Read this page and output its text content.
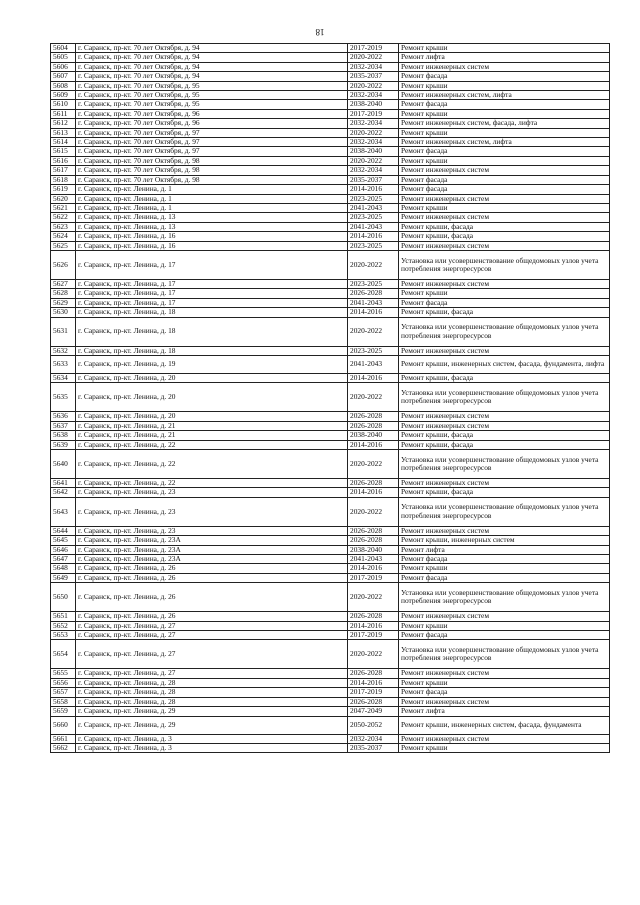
18
5604	г. Саранск, пр-кт. 70 лет Октября, д. 94	2017-2019	Ремонт крыши
5605	г. Саранск, пр-кт. 70 лет Октября, д. 94	2020-2022	Ремонт лифта
5606	г. Саранск, пр-кт. 70 лет Октября, д. 94	2032-2034	Ремонт инженерных систем
5607	г. Саранск, пр-кт. 70 лет Октября, д. 94	2035-2037	Ремонт фасада
5608	г. Саранск, пр-кт. 70 лет Октября, д. 95	2020-2022	Ремонт крыши
5609	г. Саранск, пр-кт. 70 лет Октября, д. 95	2032-2034	Ремонт инженерных систем, лифта
5610	г. Саранск, пр-кт. 70 лет Октября, д. 95	2038-2040	Ремонт фасада
5611	г. Саранск, пр-кт. 70 лет Октября, д. 96	2017-2019	Ремонт крыши
5612	г. Саранск, пр-кт. 70 лет Октября, д. 96	2032-2034	Ремонт инженерных систем, фасада, лифта
5613	г. Саранск, пр-кт. 70 лет Октября, д. 97	2020-2022	Ремонт крыши
5614	г. Саранск, пр-кт. 70 лет Октября, д. 97	2032-2034	Ремонт инженерных систем, лифта
5615	г. Саранск, пр-кт. 70 лет Октября, д. 97	2038-2040	Ремонт фасада
5616	г. Саранск, пр-кт. 70 лет Октября, д. 98	2020-2022	Ремонт крыши
5617	г. Саранск, пр-кт. 70 лет Октября, д. 98	2032-2034	Ремонт инженерных систем
5618	г. Саранск, пр-кт. 70 лет Октября, д. 98	2035-2037	Ремонт фасада
5619	г. Саранск, пр-кт. Ленина, д. 1	2014-2016	Ремонт фасада
5620	г. Саранск, пр-кт. Ленина, д. 1	2023-2025	Ремонт инженерных систем
5621	г. Саранск, пр-кт. Ленина, д. 1	2041-2043	Ремонт крыши
5622	г. Саранск, пр-кт. Ленина, д. 13	2023-2025	Ремонт инженерных систем
5623	г. Саранск, пр-кт. Ленина, д. 13	2041-2043	Ремонт крыши, фасада
5624	г. Саранск, пр-кт. Ленина, д. 16	2014-2016	Ремонт крыши, фасада
5625	г. Саранск, пр-кт. Ленина, д. 16	2023-2025	Ремонт инженерных систем
5626	г. Саранск, пр-кт. Ленина, д. 17	2020-2022	Установка или усовершенствование общедомовых узлов учета потребления энергоресурсов
5627	г. Саранск, пр-кт. Ленина, д. 17	2023-2025	Ремонт инженерных систем
5628	г. Саранск, пр-кт. Ленина, д. 17	2026-2028	Ремонт крыши
5629	г. Саранск, пр-кт. Ленина, д. 17	2041-2043	Ремонт фасада
5630	г. Саранск, пр-кт. Ленина, д. 18	2014-2016	Ремонт крыши, фасада
5631	г. Саранск, пр-кт. Ленина, д. 18	2020-2022	Установка или усовершенствование общедомовых узлов учета потребления энергоресурсов
5632	г. Саранск, пр-кт. Ленина, д. 18	2023-2025	Ремонт инженерных систем
5633	г. Саранск, пр-кт. Ленина, д. 19	2041-2043	Ремонт крыши, инженерных систем, фасада, фундамента, лифта
5634	г. Саранск, пр-кт. Ленина, д. 20	2014-2016	Ремонт крыши, фасада
5635	г. Саранск, пр-кт. Ленина, д. 20	2020-2022	Установка или усовершенствование общедомовых узлов учета потребления энергоресурсов
5636	г. Саранск, пр-кт. Ленина, д. 20	2026-2028	Ремонт инженерных систем
5637	г. Саранск, пр-кт. Ленина, д. 21	2026-2028	Ремонт инженерных систем
5638	г. Саранск, пр-кт. Ленина, д. 21	2038-2040	Ремонт крыши, фасада
5639	г. Саранск, пр-кт. Ленина, д. 22	2014-2016	Ремонт крыши, фасада
5640	г. Саранск, пр-кт. Ленина, д. 22	2020-2022	Установка или усовершенствование общедомовых узлов учета потребления энергоресурсов
5641	г. Саранск, пр-кт. Ленина, д. 22	2026-2028	Ремонт инженерных систем
5642	г. Саранск, пр-кт. Ленина, д. 23	2014-2016	Ремонт крыши, фасада
5643	г. Саранск, пр-кт. Ленина, д. 23	2020-2022	Установка или усовершенствование общедомовых узлов учета потребления энергоресурсов
5644	г. Саранск, пр-кт. Ленина, д. 23	2026-2028	Ремонт инженерных систем
5645	г. Саранск, пр-кт. Ленина, д. 23А	2026-2028	Ремонт крыши, инженерных систем
5646	г. Саранск, пр-кт. Ленина, д. 23А	2038-2040	Ремонт лифта
5647	г. Саранск, пр-кт. Ленина, д. 23А	2041-2043	Ремонт фасада
5648	г. Саранск, пр-кт. Ленина, д. 26	2014-2016	Ремонт крыши
5649	г. Саранск, пр-кт. Ленина, д. 26	2017-2019	Ремонт фасада
5650	г. Саранск, пр-кт. Ленина, д. 26	2020-2022	Установка или усовершенствование общедомовых узлов учета потребления энергоресурсов
5651	г. Саранск, пр-кт. Ленина, д. 26	2026-2028	Ремонт инженерных систем
5652	г. Саранск, пр-кт. Ленина, д. 27	2014-2016	Ремонт крыши
5653	г. Саранск, пр-кт. Ленина, д. 27	2017-2019	Ремонт фасада
5654	г. Саранск, пр-кт. Ленина, д. 27	2020-2022	Установка или усовершенствование общедомовых узлов учета потребления энергоресурсов
5655	г. Саранск, пр-кт. Ленина, д. 27	2026-2028	Ремонт инженерных систем
5656	г. Саранск, пр-кт. Ленина, д. 28	2014-2016	Ремонт крыши
5657	г. Саранск, пр-кт. Ленина, д. 28	2017-2019	Ремонт фасада
5658	г. Саранск, пр-кт. Ленина, д. 28	2026-2028	Ремонт инженерных систем
5659	г. Саранск, пр-кт. Ленина, д. 29	2047-2049	Ремонт лифта
5660	г. Саранск, пр-кт. Ленина, д. 29	2050-2052	Ремонт крыши, инженерных систем, фасада, фундамента
5661	г. Саранск, пр-кт. Ленина, д. 3	2032-2034	Ремонт инженерных систем
5662	г. Саранск, пр-кт. Ленина, д. 3	2035-2037	Ремонт крыши
